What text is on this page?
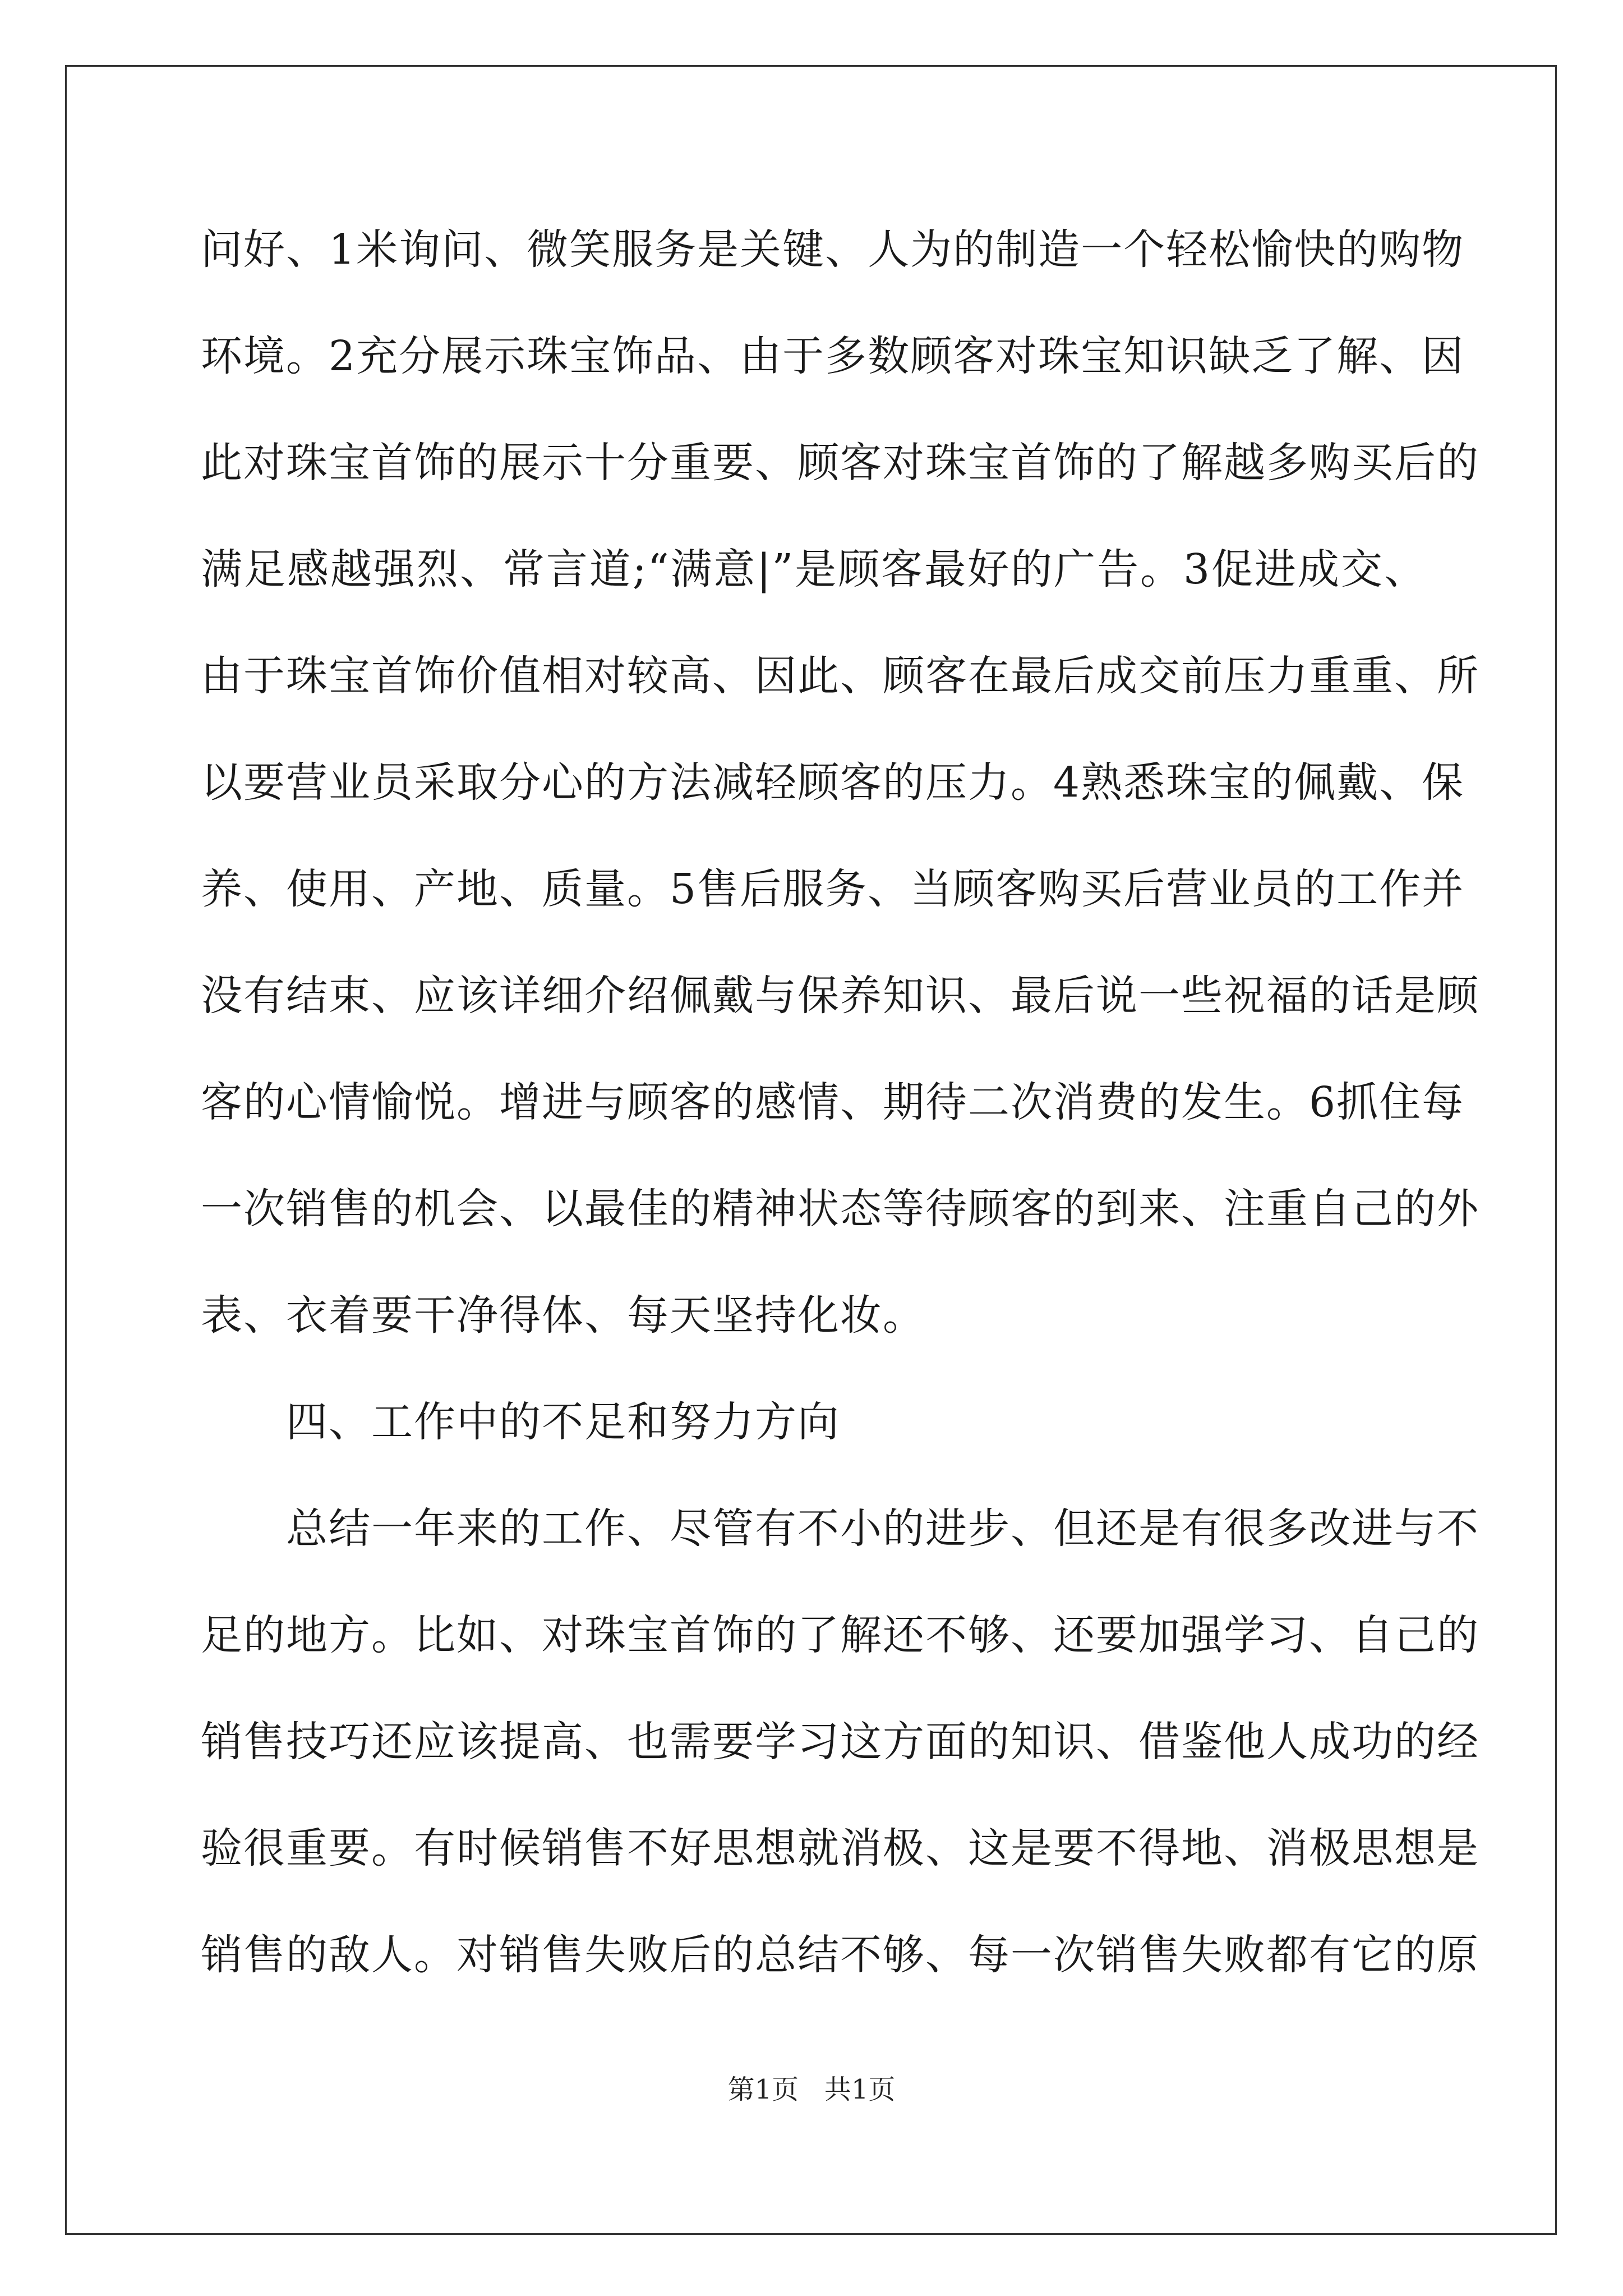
问好、1米询问、微笑服务是关键、人为的制造一个轻松愉快的购物
环境。2充分展示珠宝饰品、由于多数顾客对珠宝知识缺乏了解、因
此对珠宝首饰的展示十分重要、顾客对珠宝首饰的了解越多购买后的
满足感越强烈、常言道;“满意|”是顾客最好的广告。3促进成交、
由于珠宝首饰价值相对较高、因此、顾客在最后成交前压力重重、所
以要营业员采取分心的方法减轻顾客的压力。4熟悉珠宝的佩戴、保
养、使用、产地、质量。5售后服务、当顾客购买后营业员的工作并
没有结束、应该详细介绍佩戴与保养知识、最后说一些祝福的话是顾
客的心情愉悦。增进与顾客的感情、期待二次消费的发生。6抓住每
一次销售的机会、以最佳的精神状态等待顾客的到来、注重自己的外
表、衣着要干净得体、每天坚持化妆。
四、工作中的不足和努力方向
总结一年来的工作、尽管有不小的进步、但还是有很多改进与不
足的地方。比如、对珠宝首饰的了解还不够、还要加强学习、自己的
销售技巧还应该提高、也需要学习这方面的知识、借鉴他人成功的经
验很重要。有时候销售不好思想就消极、这是要不得地、消极思想是
销售的敌人。对销售失败后的总结不够、每一次销售失败都有它的原
第1页   共1页
